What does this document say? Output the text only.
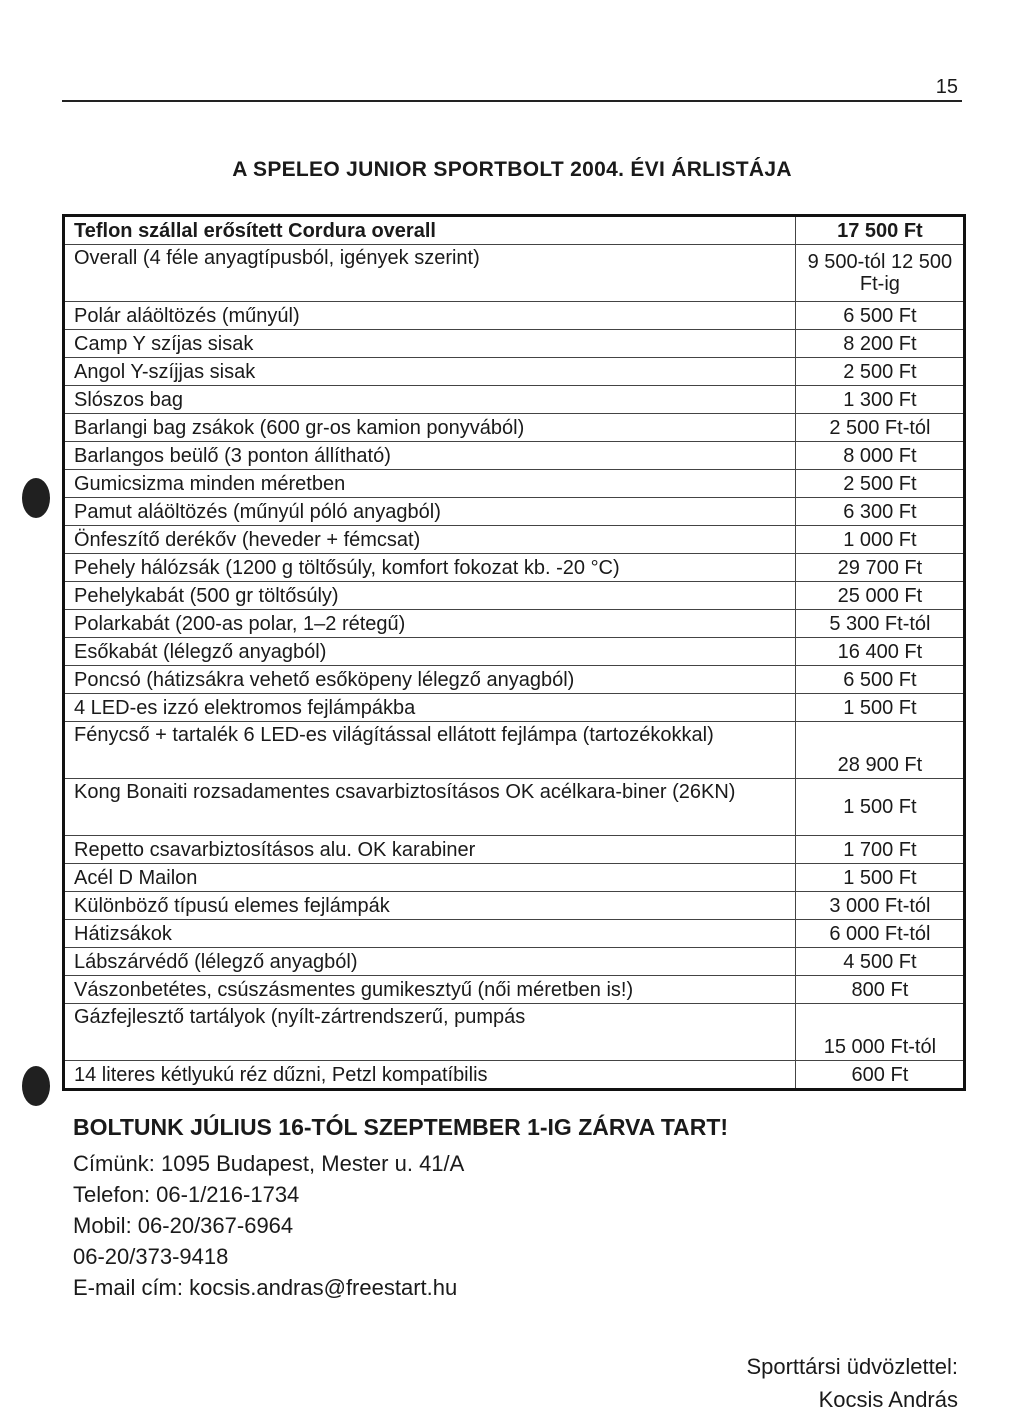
15
A SPELEO JUNIOR SPORTBOLT 2004. ÉVI ÁRLISTÁJA
Teflon szállal erősített Cordura overall	17 500 Ft
Overall (4 féle anyagtípusból, igények szerint)	9 500-tól 12 500 Ft-ig
Polár aláöltözés (műnyúl)	6 500 Ft
Camp Y szíjas sisak	8 200 Ft
Angol Y-szíjjas sisak	2 500 Ft
Slószos bag	1 300 Ft
Barlangi bag zsákok (600 gr-os kamion ponyvából)	2 500 Ft-tól
Barlangos beülő (3 ponton állítható)	8 000 Ft
Gumicsizma minden méretben	2 500 Ft
Pamut aláöltözés (műnyúl póló anyagból)	6 300 Ft
Önfeszítő derékőv (heveder + fémcsat)	1 000 Ft
Pehely hálózsák (1200 g töltősúly, komfort fokozat kb. -20 °C)	29 700 Ft
Pehelykabát (500 gr töltősúly)	25 000 Ft
Polarkabát (200-as polar, 1–2 rétegű)	5 300 Ft-tól
Esőkabát (lélegző anyagból)	16 400 Ft
Poncsó (hátizsákra vehető esőköpeny lélegző anyagból)	6 500 Ft
4 LED-es izzó elektromos fejlámpákba	1 500 Ft
Fénycső + tartalék 6 LED-es világítással ellátott fejlámpa (tartozékokkal)	28 900 Ft
Kong Bonaiti rozsadamentes csavarbiztosításos OK acélkara-biner (26KN)	1 500 Ft
Repetto csavarbiztosításos alu. OK karabiner	1 700 Ft
Acél D Mailon	1 500 Ft
Különböző típusú elemes fejlámpák	3 000 Ft-tól
Hátizsákok	6 000 Ft-tól
Lábszárvédő (lélegző anyagból)	4 500 Ft
Vászonbetétes, csúszásmentes gumikesztyű (női méretben is!)	800 Ft
Gázfejlesztő tartályok (nyílt-zártrendszerű, pumpás	15 000 Ft-tól
14 literes kétlyukú réz dűzni, Petzl kompatíbilis	600 Ft
BOLTUNK JÚLIUS 16-TÓL SZEPTEMBER 1-IG ZÁRVA TART!
Címünk: 1095 Budapest, Mester u. 41/A
Telefon: 06-1/216-1734
Mobil: 06-20/367-6964
06-20/373-9418
E-mail cím: kocsis.andras@freestart.hu
Sporttársi üdvözlettel:
Kocsis András
